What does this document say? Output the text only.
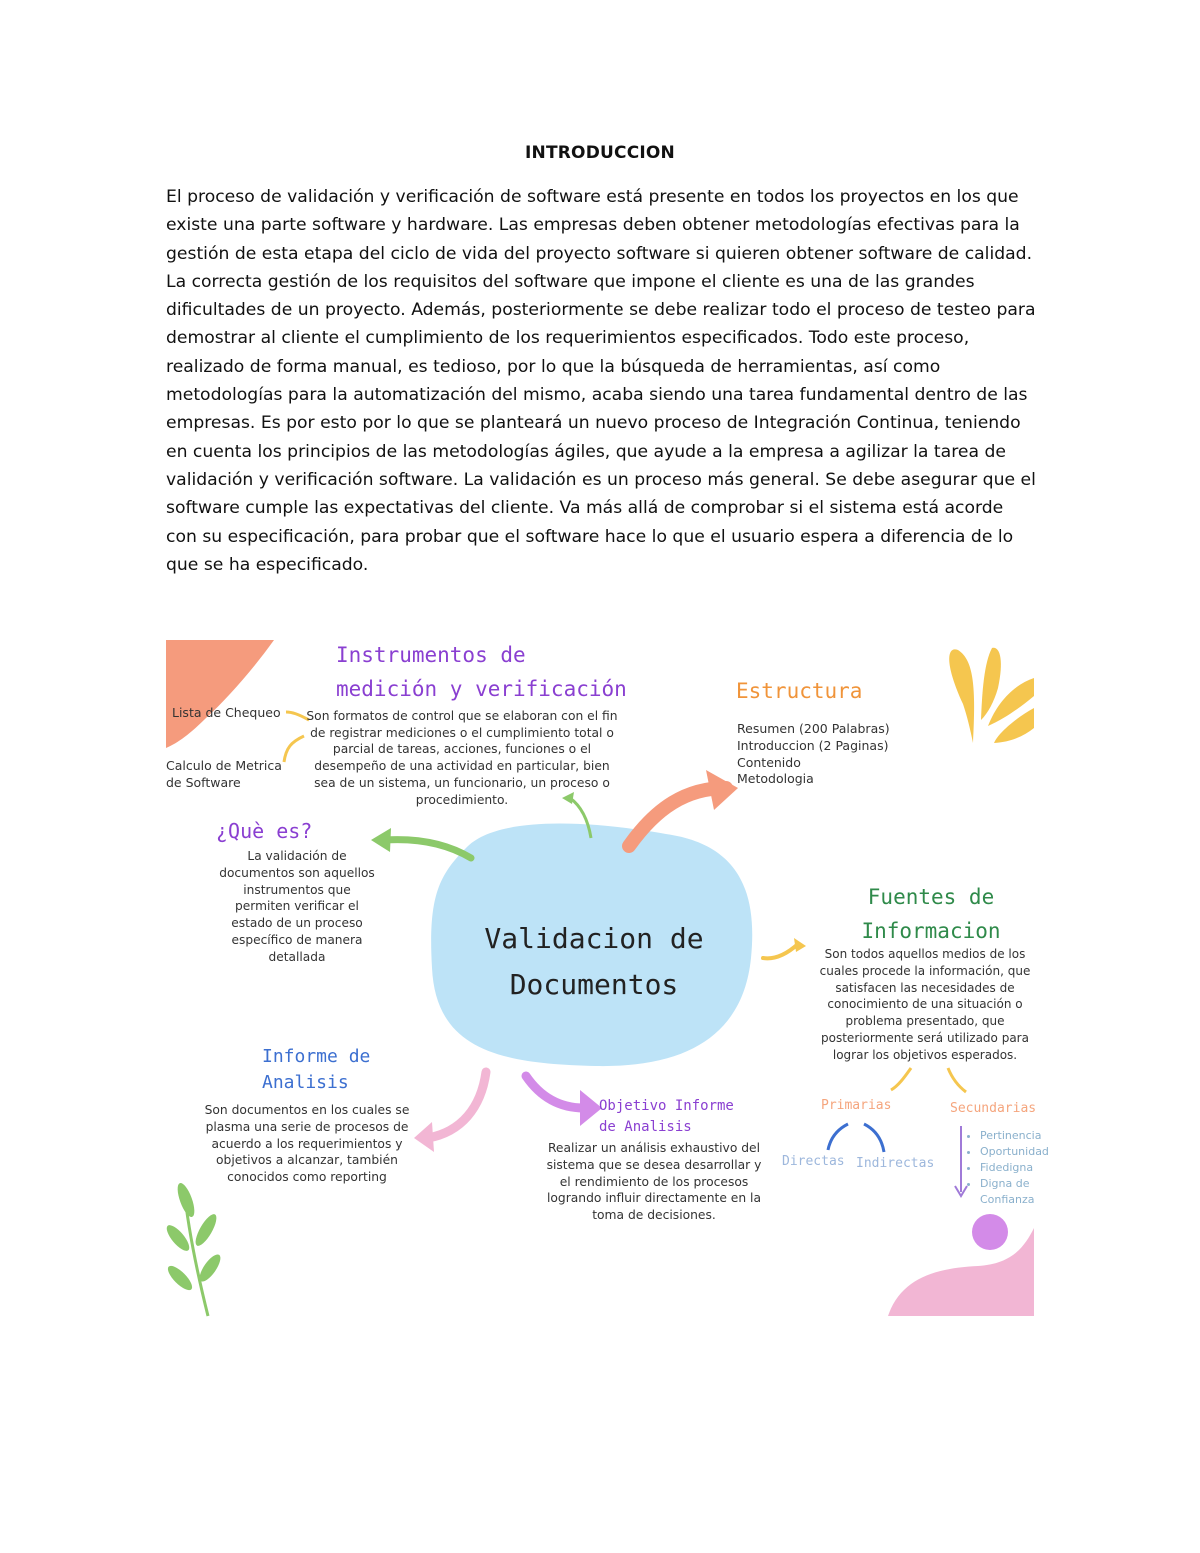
INTRODUCCION
El proceso de validación y verificación de software está presente en todos los proyectos en los que existe una parte software y hardware. Las empresas deben obtener metodologías efectivas para la gestión de esta etapa del ciclo de vida del proyecto software si quieren obtener software de calidad. La correcta gestión de los requisitos del software que impone el cliente es una de las grandes dificultades de un proyecto. Además, posteriormente se debe realizar todo el proceso de testeo para demostrar al cliente el cumplimiento de los requerimientos especificados. Todo este proceso, realizado de forma manual, es tedioso, por lo que la búsqueda de herramientas, así como metodologías para la automatización del mismo, acaba siendo una tarea fundamental dentro de las empresas. Es por esto por lo que se planteará un nuevo proceso de Integración Continua, teniendo en cuenta los principios de las metodologías ágiles, que ayude a la empresa a agilizar la tarea de validación y verificación software. La validación es un proceso más general. Se debe asegurar que el software cumple las expectativas del cliente. Va más allá de comprobar si el sistema está acorde con su especificación, para probar que el software hace lo que el usuario espera a diferencia de lo que se ha especificado.
Instrumentos de
medición y verificación
Son formatos de control que se elaboran con el fin de registrar mediciones o el cumplimiento total o parcial de tareas, acciones, funciones o el desempeño de una actividad en particular, bien sea de un sistema, un funcionario, un proceso o procedimiento.
Lista de Chequeo
Calculo de Metrica
de Software
Estructura
Resumen (200 Palabras)
Introduccion (2 Paginas)
Contenido
Metodologia
¿Què es?
La validación de documentos son aquellos instrumentos que permiten verificar el estado de un proceso específico de manera detallada
Validacion de
Documentos
Fuentes de
Informacion
Son todos aquellos medios de los cuales procede la información, que satisfacen las necesidades de conocimiento de una situación o problema presentado, que posteriormente será utilizado para lograr los objetivos esperados.
Primarias	Secundarias
Directas Indirectas
• Pertinencia
• Oportunidad
• Fidedigna
• Digna de Confianza
Informe de
Analisis
Son documentos en los cuales se plasma una serie de procesos de acuerdo a los requerimientos y objetivos a alcanzar, también conocidos como reporting
Objetivo Informe
de Analisis
Realizar un análisis exhaustivo del sistema que se desea desarrollar y el rendimiento de los procesos logrando influir directamente en la toma de decisiones.
